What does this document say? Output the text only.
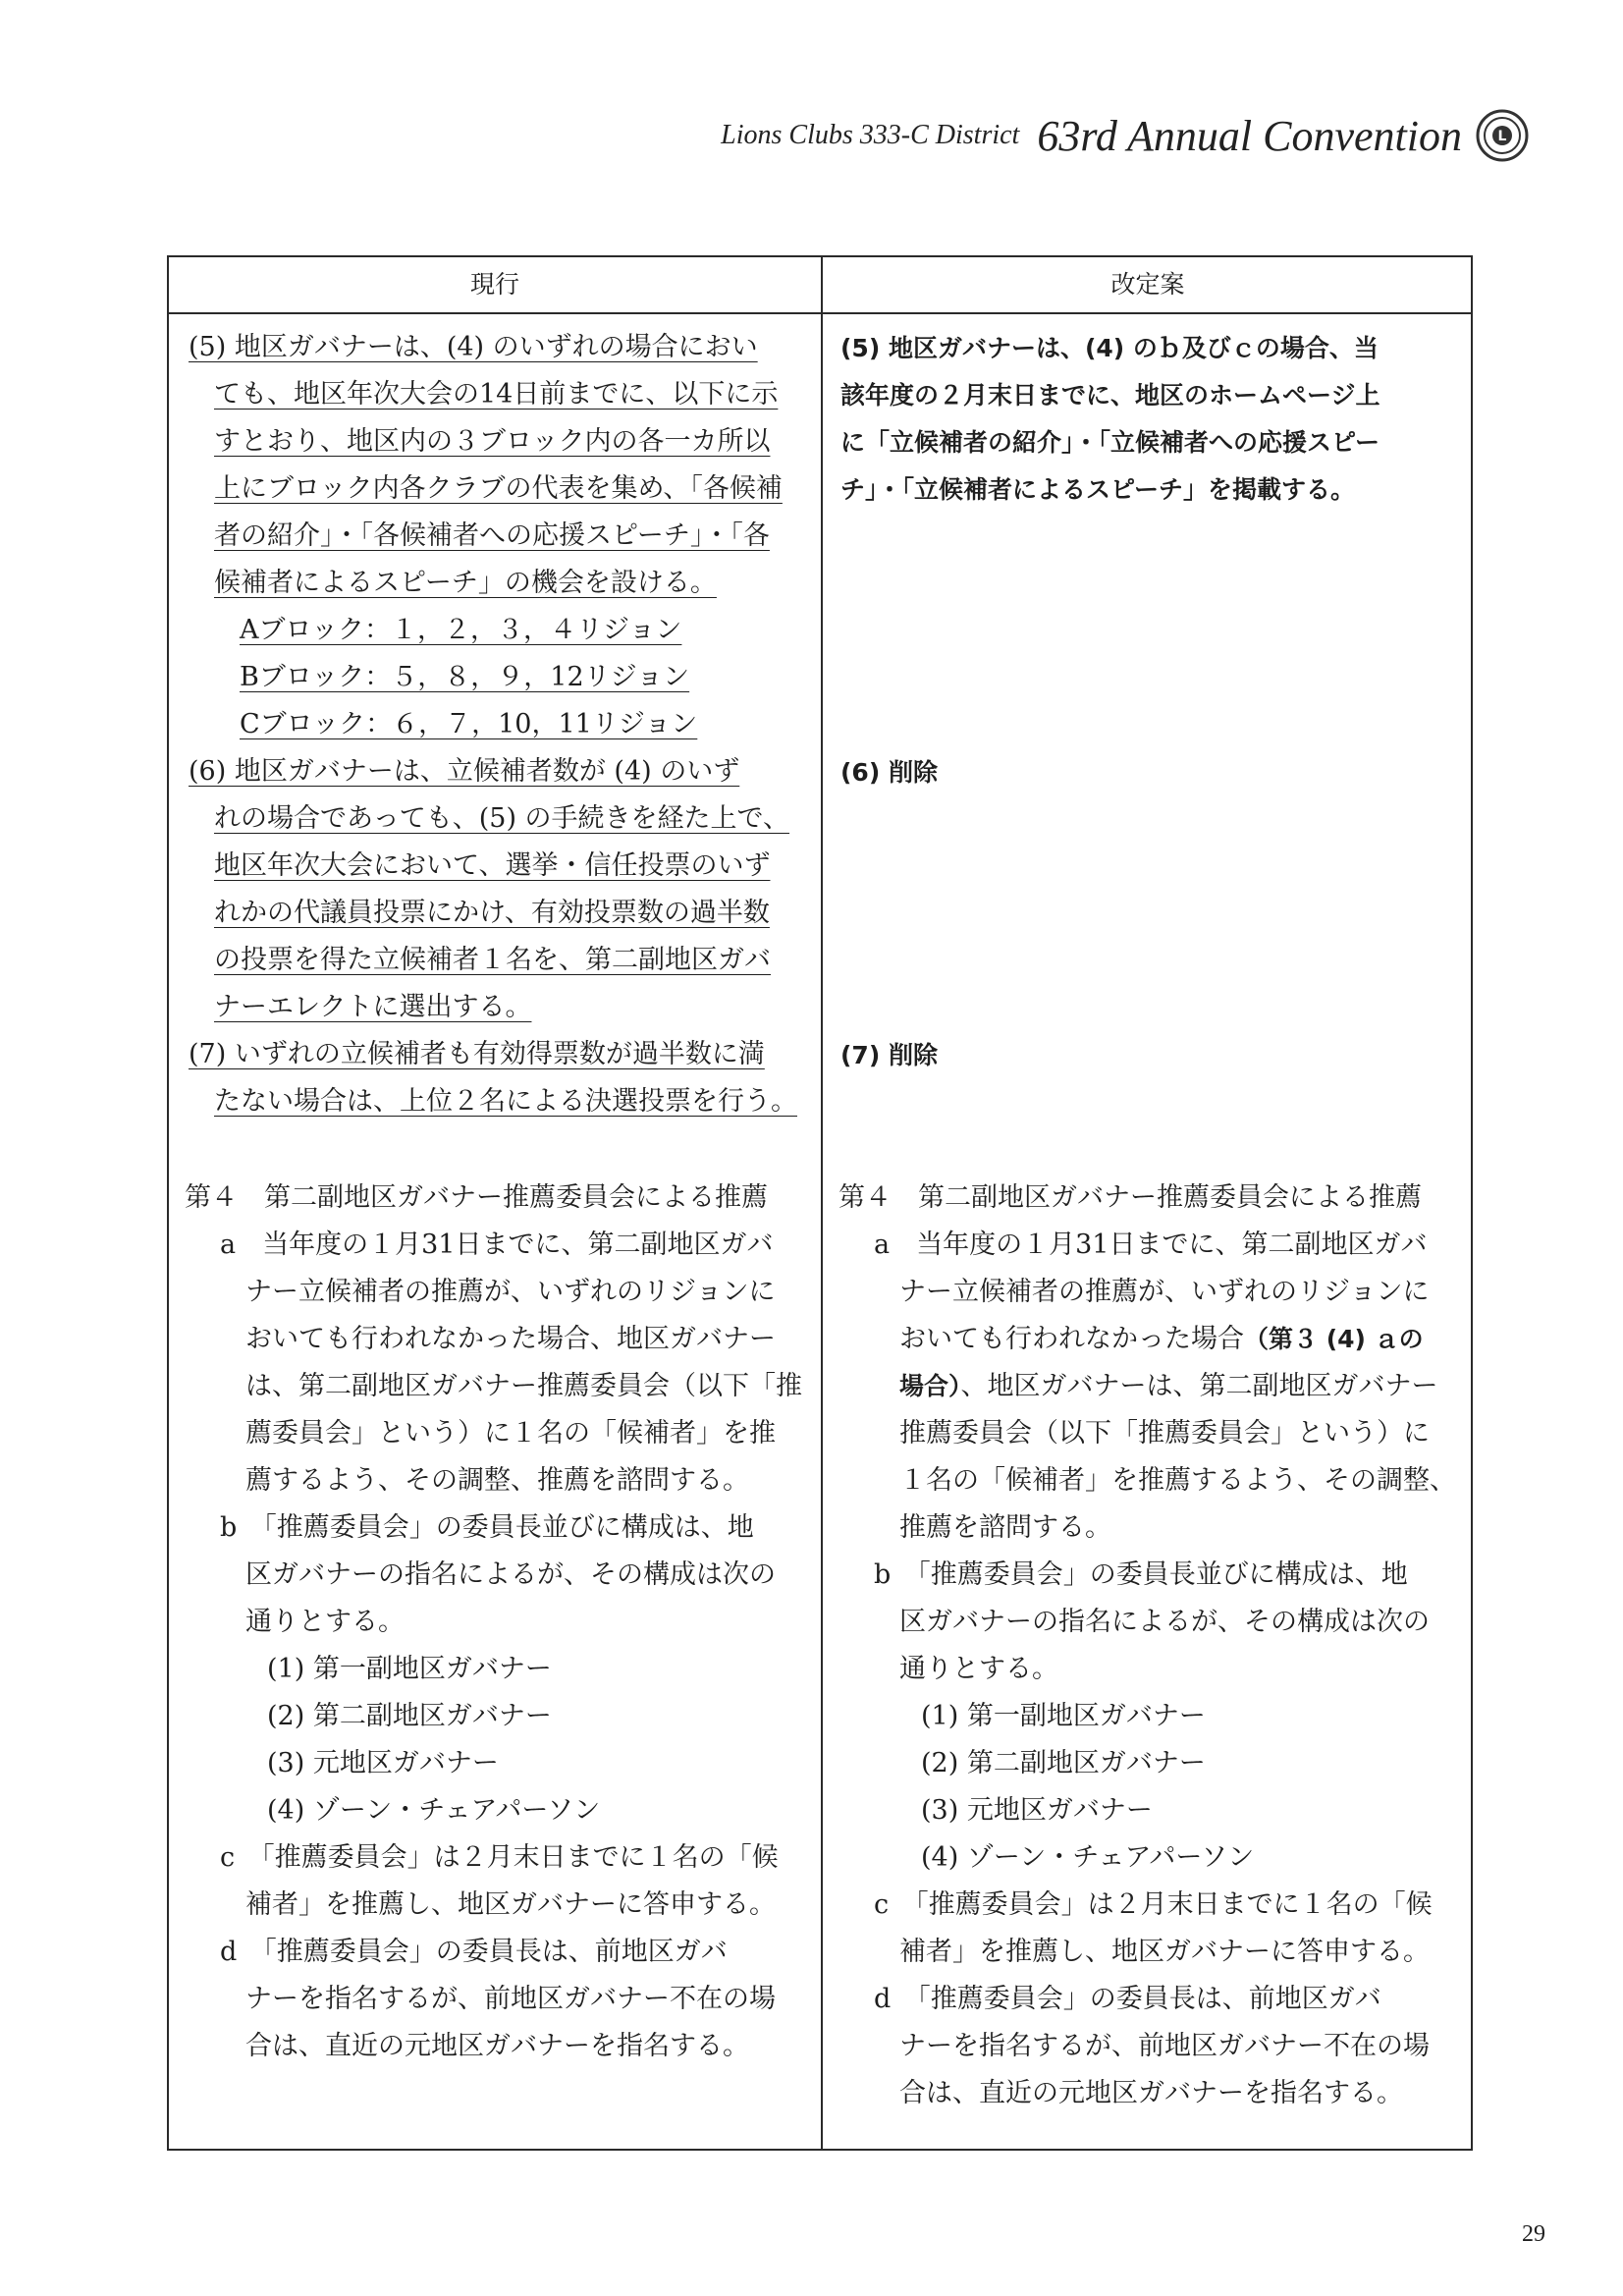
Lions Clubs 333-C District 63rd Annual Convention	L
現行	改定案
(5) 地区ガバナーは、(4) のいずれの場合におい
ても、地区年次大会の14日前までに、以下に示
すとおり、地区内の３ブロック内の各一カ所以
上にブロック内各クラブの代表を集め、「各候補
者の紹介」・「各候補者への応援スピーチ」・「各
候補者によるスピーチ」の機会を設ける。
Aブロック：１，２，３，４リジョン
Bブロック：５，８，９，12リジョン
Cブロック：６，７，10，11リジョン
(6) 地区ガバナーは、立候補者数が (4) のいず
れの場合であっても、(5) の手続きを経た上で、
地区年次大会において、選挙・信任投票のいず
れかの代議員投票にかけ、有効投票数の過半数
の投票を得た立候補者１名を、第二副地区ガバ
ナーエレクトに選出する。
(7) いずれの立候補者も有効得票数が過半数に満
たない場合は、上位２名による決選投票を行う。
第４　第二副地区ガバナー推薦委員会による推薦
a　当年度の１月31日までに、第二副地区ガバ
ナー立候補者の推薦が、いずれのリジョンに
おいても行われなかった場合、地区ガバナー
は、第二副地区ガバナー推薦委員会（以下「推
薦委員会」という）に１名の「候補者」を推
薦するよう、その調整、推薦を諮問する。
b　「推薦委員会」の委員長並びに構成は、地
区ガバナーの指名によるが、その構成は次の
通りとする。
(1) 第一副地区ガバナー
(2) 第二副地区ガバナー
(3) 元地区ガバナー
(4) ゾーン・チェアパーソン
c　「推薦委員会」は２月末日までに１名の「候
補者」を推薦し、地区ガバナーに答申する。
d　「推薦委員会」の委員長は、前地区ガバ
ナーを指名するが、前地区ガバナー不在の場
合は、直近の元地区ガバナーを指名する。
(5) 地区ガバナーは、(4) のｂ及びｃの場合、当
該年度の２月末日までに、地区のホームページ上
に「立候補者の紹介」・「立候補者への応援スピー
チ」・「立候補者によるスピーチ」を掲載する。
(6) 削除
(7) 削除
第４　第二副地区ガバナー推薦委員会による推薦
a　当年度の１月31日までに、第二副地区ガバ
ナー立候補者の推薦が、いずれのリジョンに
おいても行われなかった場合（第３ (4) ａの
場合）、地区ガバナーは、第二副地区ガバナー
推薦委員会（以下「推薦委員会」という）に
１名の「候補者」を推薦するよう、その調整、
推薦を諮問する。
b　「推薦委員会」の委員長並びに構成は、地
区ガバナーの指名によるが、その構成は次の
通りとする。
(1) 第一副地区ガバナー
(2) 第二副地区ガバナー
(3) 元地区ガバナー
(4) ゾーン・チェアパーソン
c　「推薦委員会」は２月末日までに１名の「候
補者」を推薦し、地区ガバナーに答申する。
d　「推薦委員会」の委員長は、前地区ガバ
ナーを指名するが、前地区ガバナー不在の場
合は、直近の元地区ガバナーを指名する。
29
